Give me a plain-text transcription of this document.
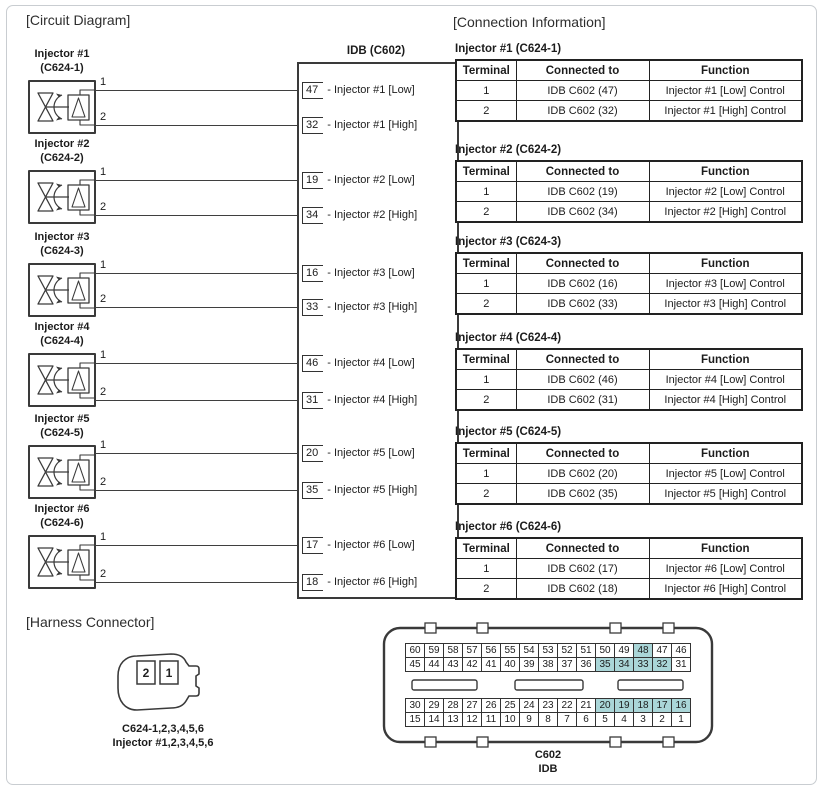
[Circuit Diagram]
Injector #1
(C624-1)
1
2
Injector #2
(C624-2)
1
2
Injector #3
(C624-3)
1
2
Injector #4
(C624-4)
1
2
Injector #5
(C624-5)
1
2
Injector #6
(C624-6)
1
2
IDB (C602)
47 - Injector #1 [Low]
32 - Injector #1 [High]
19 - Injector #2 [Low]
34 - Injector #2 [High]
16 - Injector #3 [Low]
33 - Injector #3 [High]
46 - Injector #4 [Low]
31 - Injector #4 [High]
20 - Injector #5 [Low]
35 - Injector #5 [High]
17 - Injector #6 [Low]
18 - Injector #6 [High]
[Connection Information]
Injector #1 (C624-1)
Terminal	Connected to	Function
1	IDB C602 (47)	Injector #1 [Low] Control
2	IDB C602 (32)	Injector #1 [High] Control
Injector #2 (C624-2)
Terminal	Connected to	Function
1	IDB C602 (19)	Injector #2 [Low] Control
2	IDB C602 (34)	Injector #2 [High] Control
Injector #3 (C624-3)
Terminal	Connected to	Function
1	IDB C602 (16)	Injector #3 [Low] Control
2	IDB C602 (33)	Injector #3 [High] Control
Injector #4 (C624-4)
Terminal	Connected to	Function
1	IDB C602 (46)	Injector #4 [Low] Control
2	IDB C602 (31)	Injector #4 [High] Control
Injector #5 (C624-5)
Terminal	Connected to	Function
1	IDB C602 (20)	Injector #5 [Low] Control
2	IDB C602 (35)	Injector #5 [High] Control
Injector #6 (C624-6)
Terminal	Connected to	Function
1	IDB C602 (17)	Injector #6 [Low] Control
2	IDB C602 (18)	Injector #6 [High] Control
[Harness Connector]
2 1
C624-1,2,3,4,5,6
Injector #1,2,3,4,5,6
60 59 58 57 56 55 54 53 52 51 50 49 48 47 46
45 44 43 42 41 40 39 38 37 36 35 34 33 32 31
30 29 28 27 26 25 24 23 22 21 20 19 18 17 16
15 14 13 12 11 10	9	8	7	6	5	4	3	2	1
C602
IDB
